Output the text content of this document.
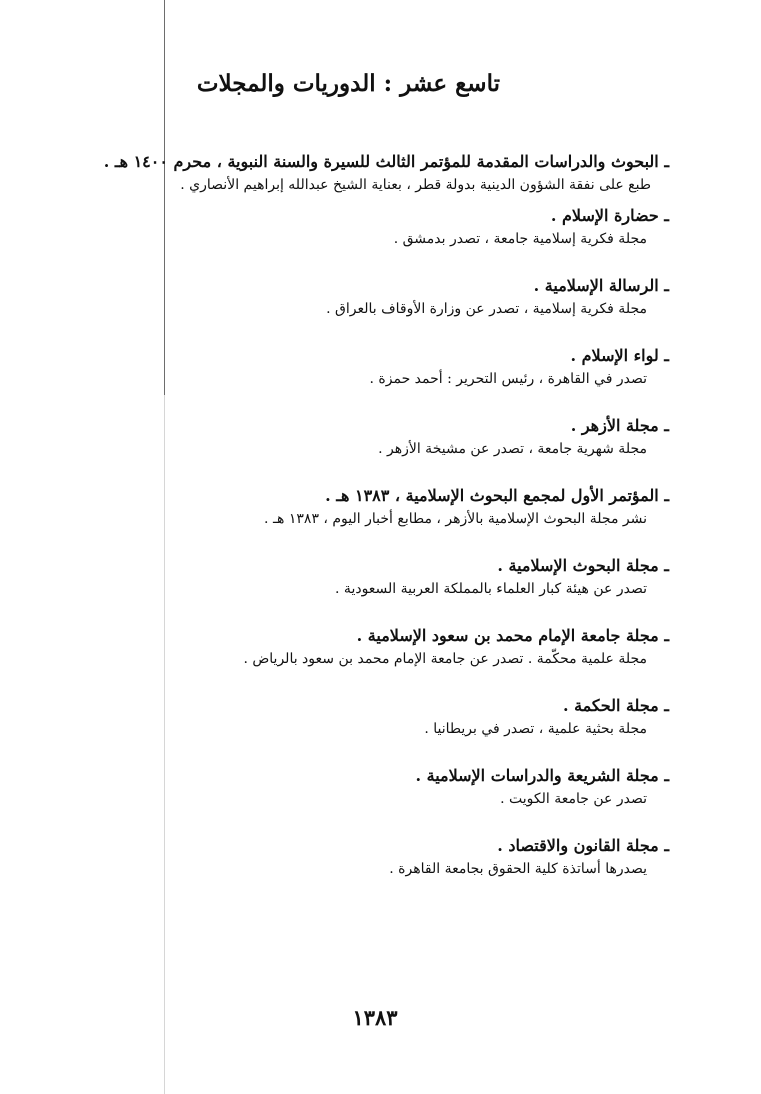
تاسع عشر : الدوريات والمجلات
ـ البحوث والدراسات المقدمة للمؤتمر الثالث للسيرة والسنة النبوية ، محرم ١٤٠٠ هـ .
طبع على نفقة الشؤون الدينية بدولة قطر ، بعناية الشيخ عبدالله إبراهيم الأنصاري .
ـ حضارة الإسلام .
مجلة فكرية إسلامية جامعة ، تصدر بدمشق .
ـ الرسالة الإسلامية .
مجلة فكرية إسلامية ، تصدر عن وزارة الأوقاف بالعراق .
ـ لواء الإسلام .
تصدر في القاهرة ، رئيس التحرير : أحمد حمزة .
ـ مجلة الأزهر .
مجلة شهرية جامعة ، تصدر عن مشيخة الأزهر .
ـ المؤتمر الأول لمجمع البحوث الإسلامية ، ١٣٨٣ هـ .
نشر مجلة البحوث الإسلامية بالأزهر ، مطابع أخبار اليوم ، ١٣٨٣ هـ .
ـ مجلة البحوث الإسلامية .
تصدر عن هيئة كبار العلماء بالمملكة العربية السعودية .
ـ مجلة جامعة الإمام محمد بن سعود الإسلامية .
مجلة علمية محكّمة . تصدر عن جامعة الإمام محمد بن سعود بالرياض .
ـ مجلة الحكمة .
مجلة بحثية علمية ، تصدر في بريطانيا .
ـ مجلة الشريعة والدراسات الإسلامية .
تصدر عن جامعة الكويت .
ـ مجلة القانون والاقتصاد .
يصدرها أساتذة كلية الحقوق بجامعة القاهرة .
١٣٨٣
